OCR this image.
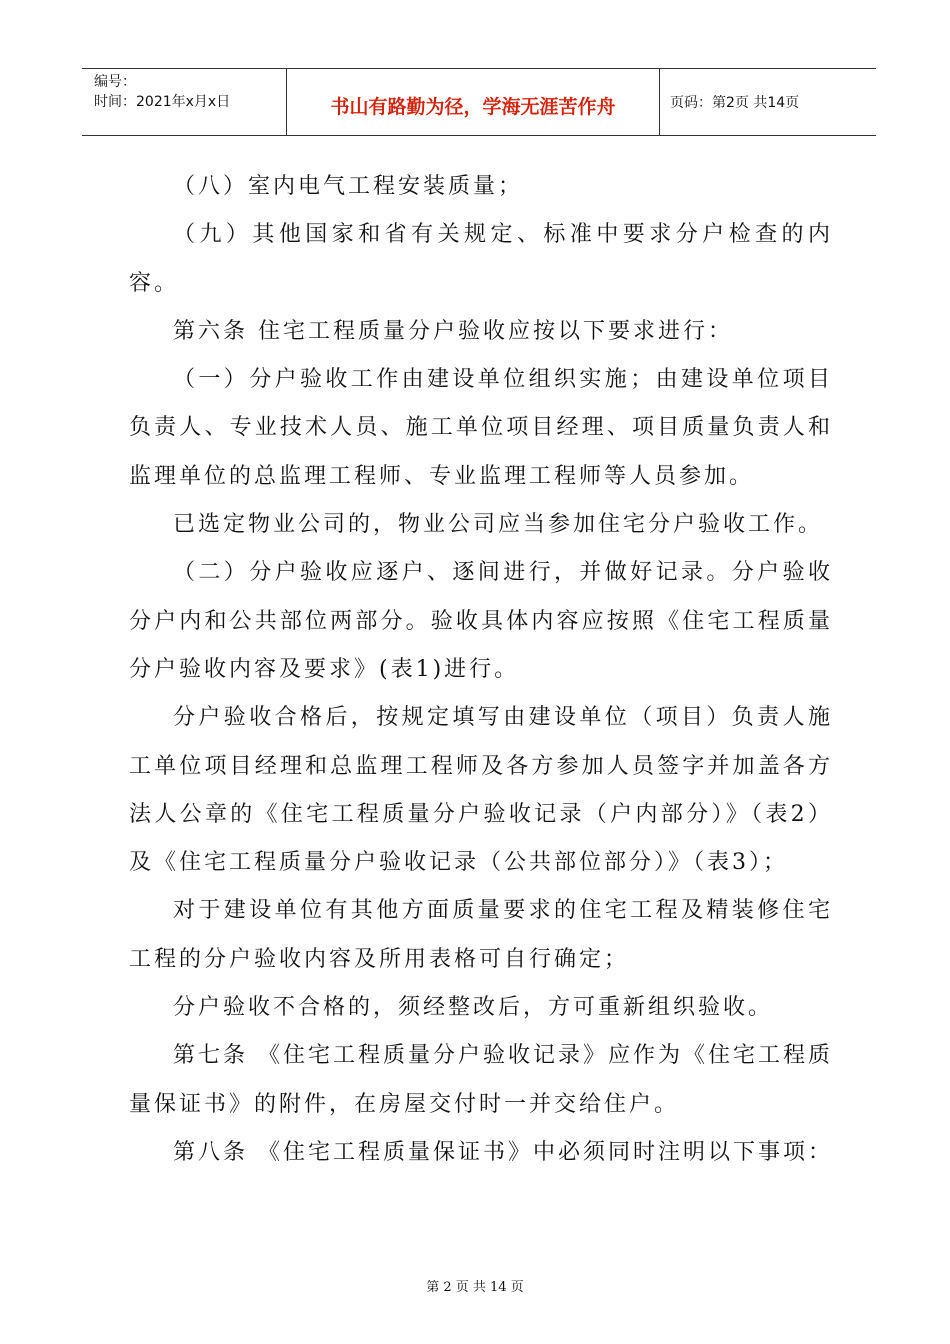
编号：
时间：2021年x月x日	书山有路勤为径，学海无涯苦作舟	页码：第2页 共14页

（八）室内电气工程安装质量；

（九）其他国家和省有关规定、标准中要求分户检查的内容。

第六条 住宅工程质量分户验收应按以下要求进行：

（一）分户验收工作由建设单位组织实施；由建设单位项目负责人、专业技术人员、施工单位项目经理、项目质量负责人和监理单位的总监理工程师、专业监理工程师等人员参加。

已选定物业公司的，物业公司应当参加住宅分户验收工作。

（二）分户验收应逐户、逐间进行，并做好记录。分户验收分户内和公共部位两部分。验收具体内容应按照《住宅工程质量分户验收内容及要求》(表1)进行。

分户验收合格后，按规定填写由建设单位（项目）负责人施工单位项目经理和总监理工程师及各方参加人员签字并加盖各方法人公章的《住宅工程质量分户验收记录（户内部分）》（表2）及《住宅工程质量分户验收记录（公共部位部分）》（表3）；

对于建设单位有其他方面质量要求的住宅工程及精装修住宅工程的分户验收内容及所用表格可自行确定；

分户验收不合格的，须经整改后，方可重新组织验收。

第七条 《住宅工程质量分户验收记录》应作为《住宅工程质量保证书》的附件，在房屋交付时一并交给住户。

第八条 《住宅工程质量保证书》中必须同时注明以下事项：

第 2 页 共 14 页
